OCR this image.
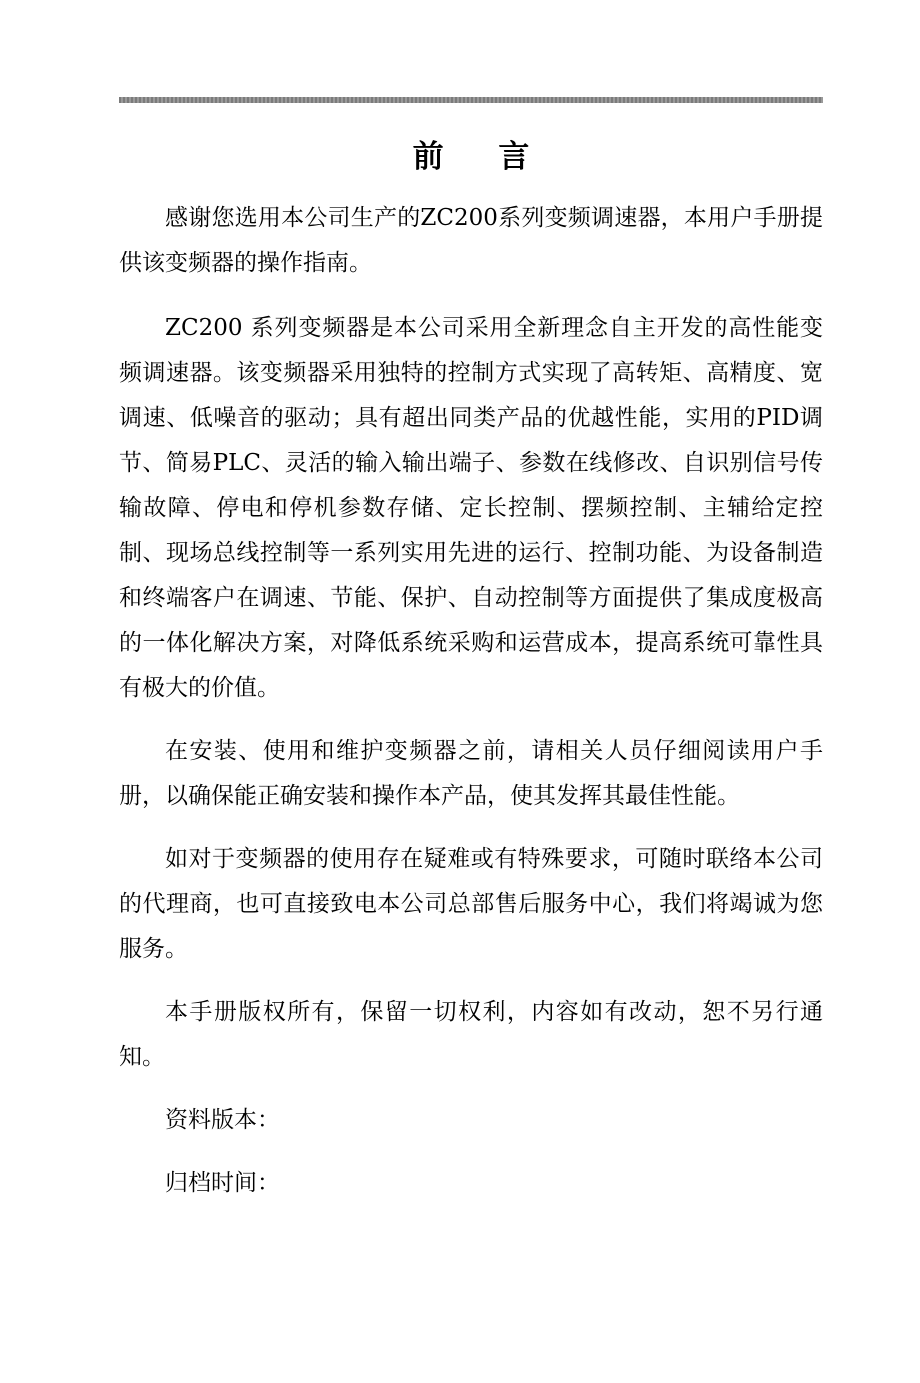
前 言

感谢您选用本公司生产的ZC200系列变频调速器，本用户手册提供该变频器的操作指南。

ZC200 系列变频器是本公司采用全新理念自主开发的高性能变频调速器。该变频器采用独特的控制方式实现了高转矩、高精度、宽调速、低噪音的驱动；具有超出同类产品的优越性能，实用的PID调节、简易PLC、灵活的输入输出端子、参数在线修改、自识别信号传输故障、停电和停机参数存储、定长控制、摆频控制、主辅给定控制、现场总线控制等一系列实用先进的运行、控制功能、为设备制造和终端客户在调速、节能、保护、自动控制等方面提供了集成度极高的一体化解决方案，对降低系统采购和运营成本，提高系统可靠性具有极大的价值。

在安装、使用和维护变频器之前，请相关人员仔细阅读用户手册，以确保能正确安装和操作本产品，使其发挥其最佳性能。

如对于变频器的使用存在疑难或有特殊要求，可随时联络本公司的代理商，也可直接致电本公司总部售后服务中心，我们将竭诚为您服务。

本手册版权所有，保留一切权利，内容如有改动，恕不另行通知。

资料版本：

归档时间：
